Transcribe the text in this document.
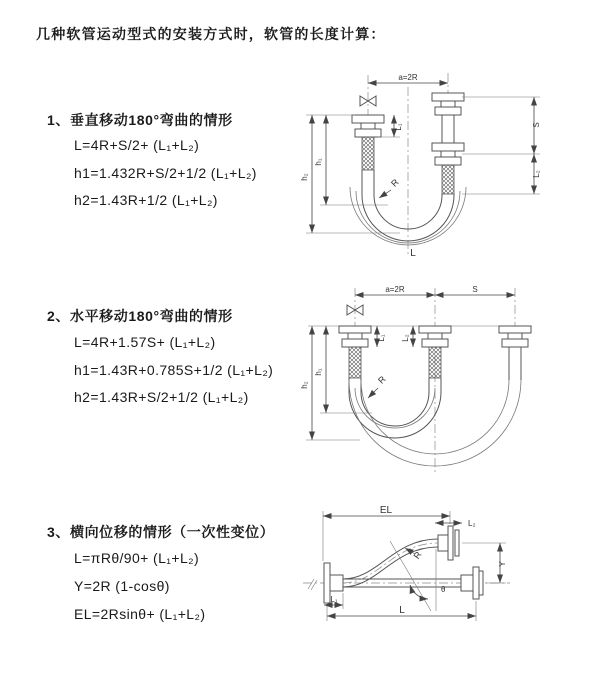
几种软管运动型式的安装方式时，软管的长度计算：
1、垂直移动180°弯曲的情形
L=4R+S/2+ (L₁+L₂)
h1=1.432R+S/2+1/2 (L₁+L₂)
h2=1.43R+1/2 (L₁+L₂)
2、水平移动180°弯曲的情形
L=4R+1.57S+ (L₁+L₂)
h1=1.43R+0.785S+1/2 (L₁+L₂)
h2=1.43R+S/2+1/2 (L₁+L₂)
3、横向位移的情形（一次性变位）
L=πRθ/90+ (L₁+L₂)
Y=2R (1-cosθ)
EL=2Rsinθ+ (L₁+L₂)
a=2R
h₁
h₂
L₁	S
L₂
R
L
a=2R	S
L₁ L₂
h₁
h₂	R
θ
EL
L₂
Y
L
L₁
R
